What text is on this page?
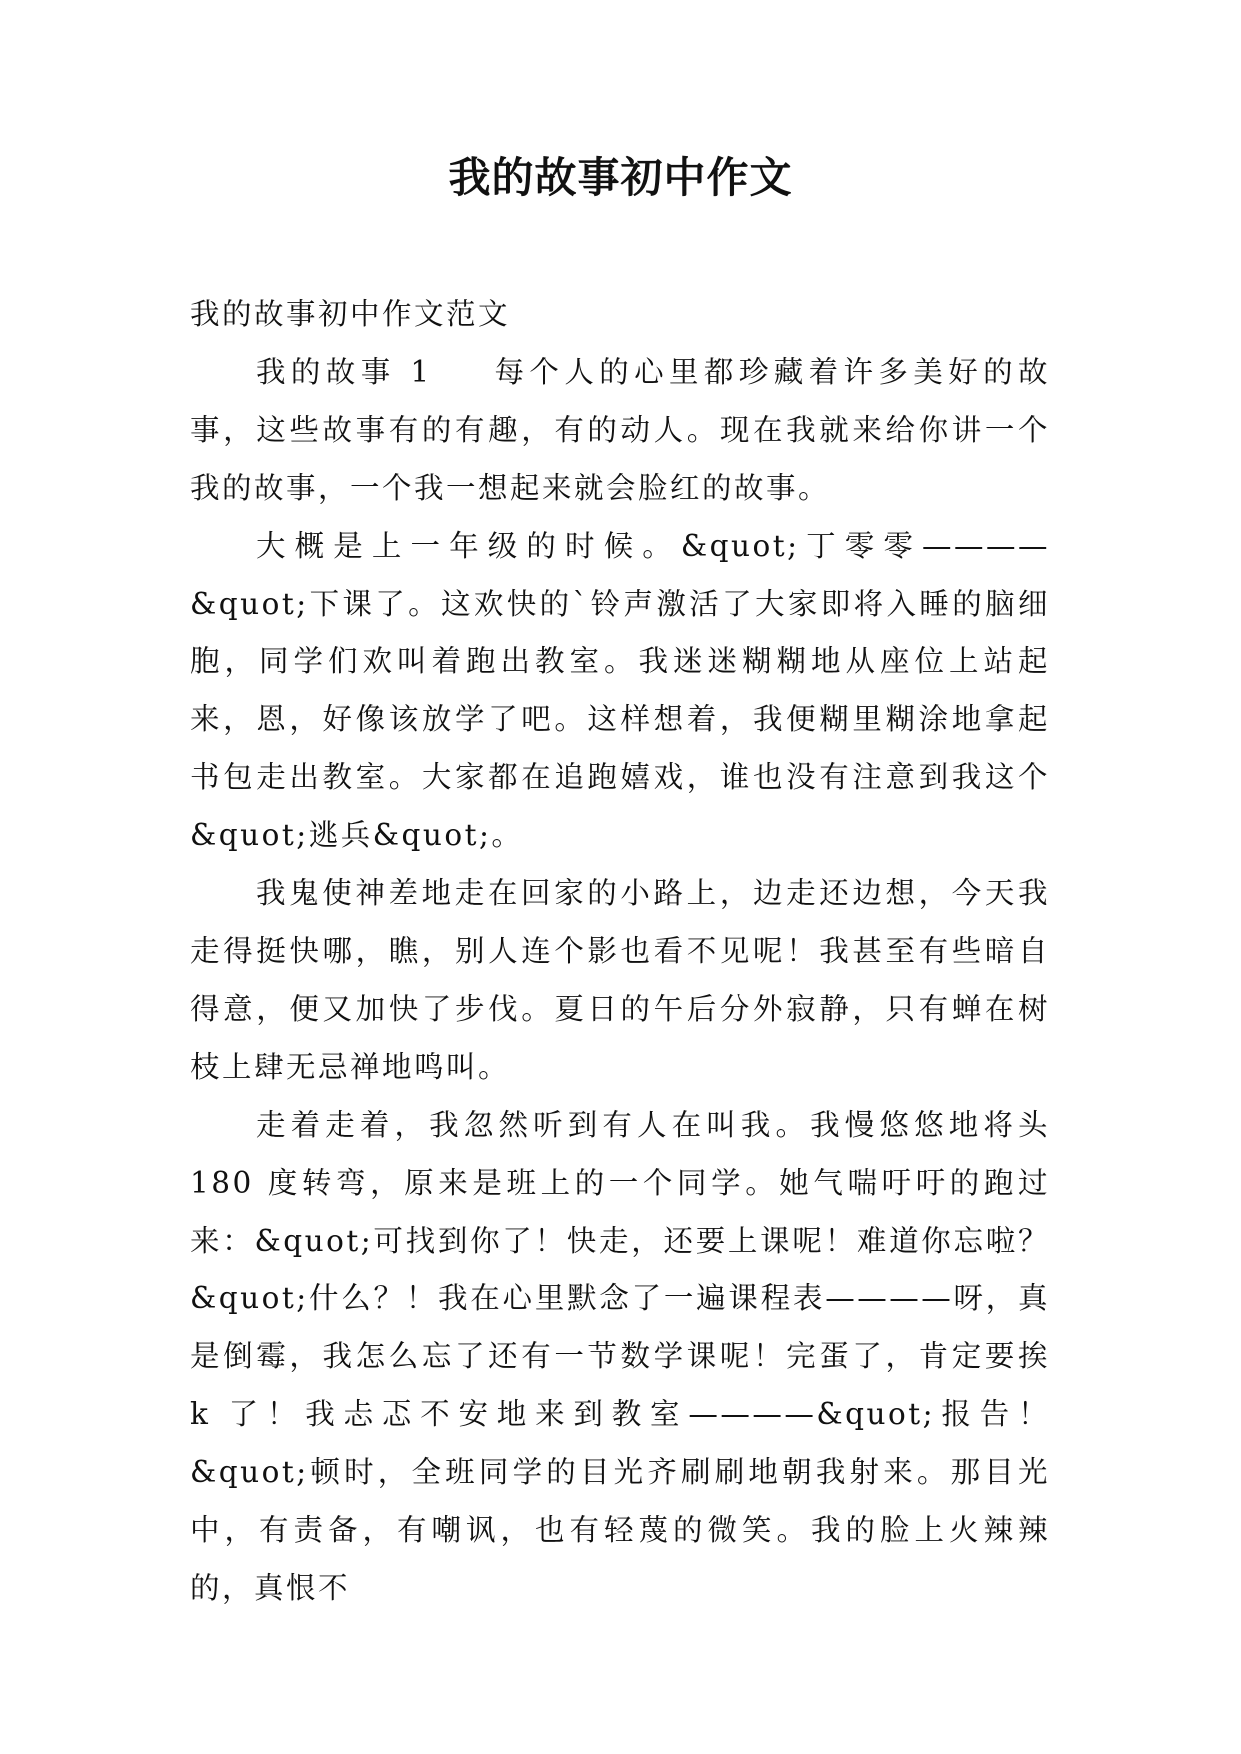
我的故事初中作文

我的故事初中作文范文

我的故事 1 每个人的心里都珍藏着许多美好的故事，这些故事有的有趣，有的动人。现在我就来给你讲一个我的故事，一个我一想起来就会脸红的故事。

大概是上一年级的时候。&quot;丁零零————&quot;下课了。这欢快的`铃声激活了大家即将入睡的脑细胞，同学们欢叫着跑出教室。我迷迷糊糊地从座位上站起来，恩，好像该放学了吧。这样想着，我便糊里糊涂地拿起书包走出教室。大家都在追跑嬉戏，谁也没有注意到我这个&quot;逃兵&quot;。

我鬼使神差地走在回家的小路上，边走还边想，今天我走得挺快哪，瞧，别人连个影也看不见呢！我甚至有些暗自得意，便又加快了步伐。夏日的午后分外寂静，只有蝉在树枝上肆无忌禅地鸣叫。

走着走着，我忽然听到有人在叫我。我慢悠悠地将头 180 度转弯，原来是班上的一个同学。她气喘吁吁的跑过来：&quot;可找到你了！快走，还要上课呢！难道你忘啦？&quot;什么？！我在心里默念了一遍课程表————呀，真是倒霉，我怎么忘了还有一节数学课呢！完蛋了，肯定要挨 k 了！我忐忑不安地来到教室————&quot;报告！&quot;顿时，全班同学的目光齐刷刷地朝我射来。那目光中，有责备，有嘲讽，也有轻蔑的微笑。我的脸上火辣辣的，真恨不
